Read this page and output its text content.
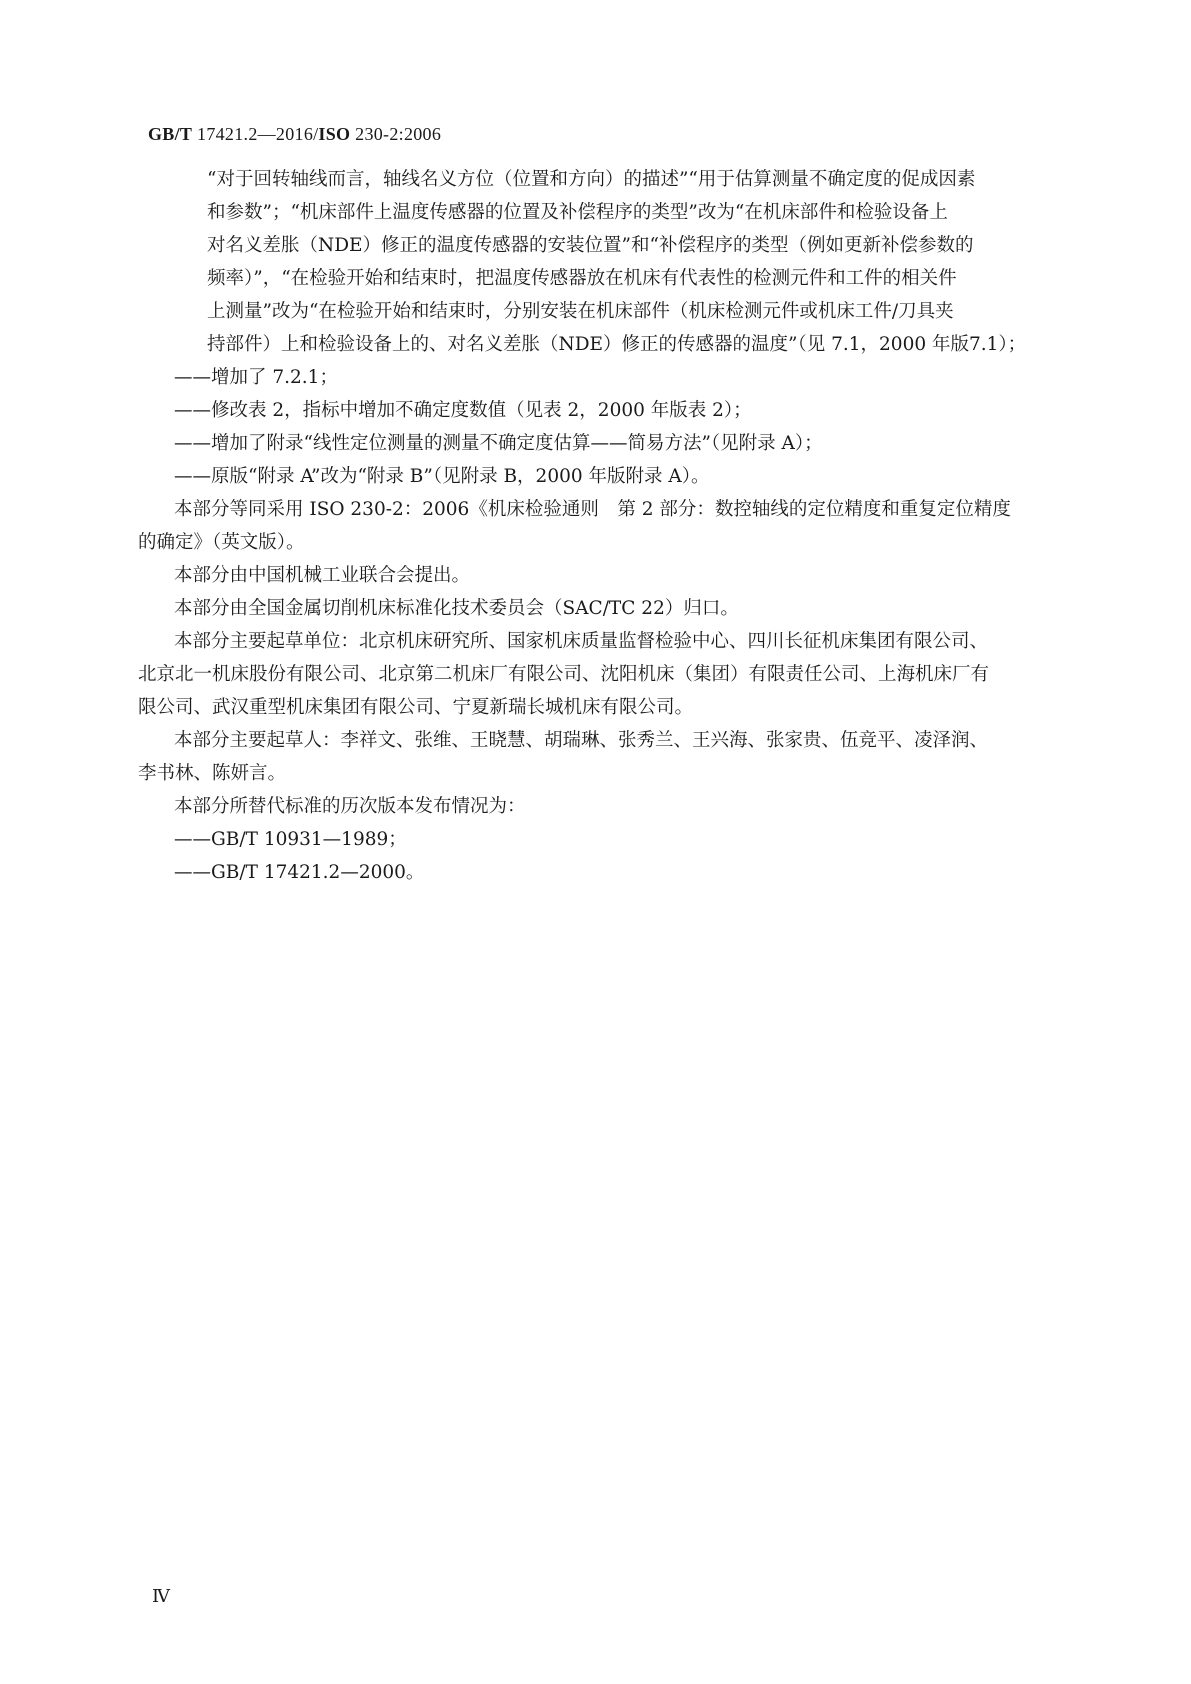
GB/T 17421.2—2016/ISO 230-2:2006
“对于回转轴线而言，轴线名义方位（位置和方向）的描述”“用于估算测量不确定度的促成因素
和参数”；“机床部件上温度传感器的位置及补偿程序的类型”改为“在机床部件和检验设备上
对名义差胀（NDE）修正的温度传感器的安装位置”和“补偿程序的类型（例如更新补偿参数的
频率）”，“在检验开始和结束时，把温度传感器放在机床有代表性的检测元件和工件的相关件
上测量”改为“在检验开始和结束时，分别安装在机床部件（机床检测元件或机床工件/刀具夹
持部件）上和检验设备上的、对名义差胀（NDE）修正的传感器的温度”（见 7.1，2000 年版7.1）；
——增加了 7.2.1；
——修改表 2，指标中增加不确定度数值（见表 2，2000 年版表 2）；
——增加了附录“线性定位测量的测量不确定度估算——简易方法”（见附录 A）；
——原版“附录 A”改为“附录 B”（见附录 B，2000 年版附录 A）。
本部分等同采用 ISO 230-2：2006《机床检验通则　第 2 部分：数控轴线的定位精度和重复定位精度
的确定》（英文版）。
本部分由中国机械工业联合会提出。
本部分由全国金属切削机床标准化技术委员会（SAC/TC 22）归口。
本部分主要起草单位：北京机床研究所、国家机床质量监督检验中心、四川长征机床集团有限公司、
北京北一机床股份有限公司、北京第二机床厂有限公司、沈阳机床（集团）有限责任公司、上海机床厂有
限公司、武汉重型机床集团有限公司、宁夏新瑞长城机床有限公司。
本部分主要起草人：李祥文、张维、王晓慧、胡瑞琳、张秀兰、王兴海、张家贵、伍竞平、凌泽润、
李书林、陈妍言。
本部分所替代标准的历次版本发布情况为：
——GB/T 10931—1989；
——GB/T 17421.2—2000。
Ⅳ
